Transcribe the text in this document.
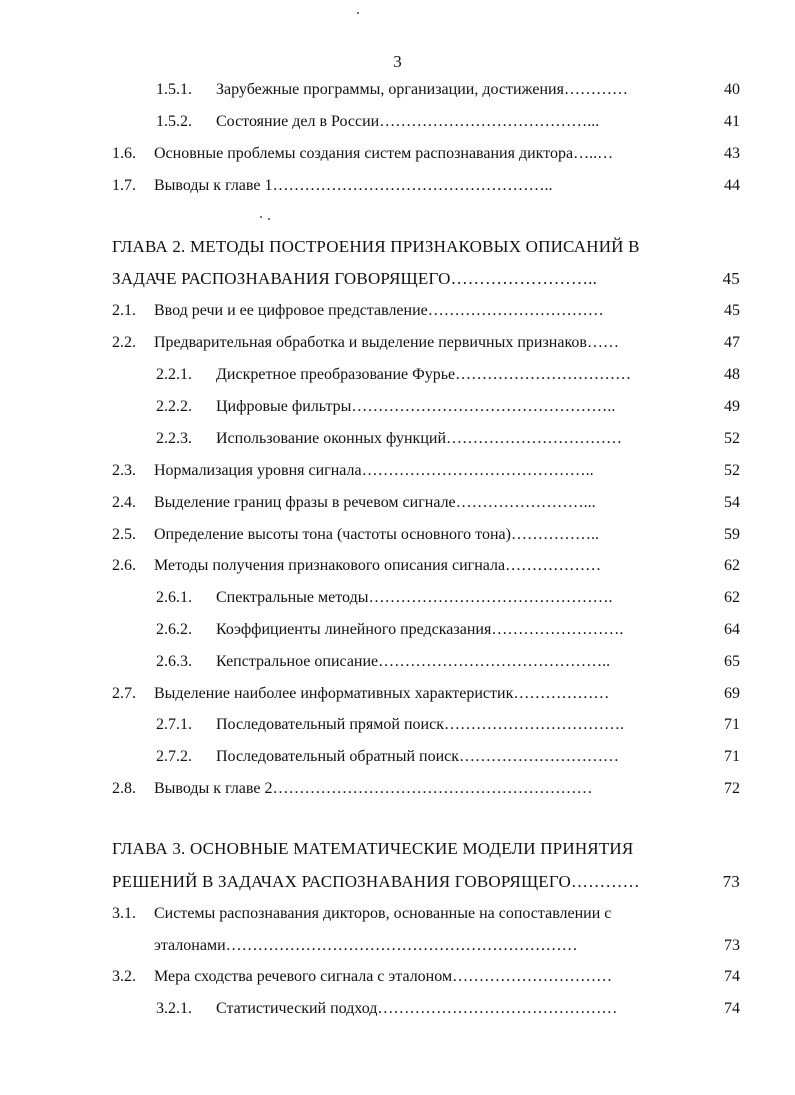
3
1.5.1. Зарубежные программы, организации, достижения…………	40
1.5.2. Состояние дел в России…………………………………...	41
1.6. Основные проблемы создания систем распознавания диктора…..…	43
1.7. Выводы к главе 1……………………………………………..	44
ГЛАВА 2. МЕТОДЫ ПОСТРОЕНИЯ ПРИЗНАКОВЫХ ОПИСАНИЙ В
ЗАДАЧЕ РАСПОЗНАВАНИЯ ГОВОРЯЩЕГО……………………..	45
2.1. Ввод речи и ее цифровое представление……………………………	45
2.2. Предварительная обработка и выделение первичных признаков……	47
2.2.1. Дискретное преобразование Фурье……………………………	48
2.2.2. Цифровые фильтры…………………………………………..	49
2.2.3. Использование оконных функций……………………………	52
2.3. Нормализация уровня сигнала……………………………………..	52
2.4. Выделение границ фразы в речевом сигнале……………………...	54
2.5. Определение высоты тона (частоты основного тона)……………..	59
2.6. Методы получения признакового описания сигнала………………	62
2.6.1. Спектральные методы……………………………………….	62
2.6.2. Коэффициенты линейного предсказания…………………….	64
2.6.3. Кепстральное описание……………………………………..	65
2.7. Выделение наиболее информативных характеристик………………	69
2.7.1. Последовательный прямой поиск…………………………….	71
2.7.2. Последовательный обратный поиск…………………………	71
2.8. Выводы к главе 2……………………………………………………	72
ГЛАВА 3. ОСНОВНЫЕ МАТЕМАТИЧЕСКИЕ МОДЕЛИ ПРИНЯТИЯ
РЕШЕНИЙ В ЗАДАЧАХ РАСПОЗНАВАНИЯ ГОВОРЯЩЕГО…………	73
3.1. Системы распознавания дикторов, основанные на сопоставлении с
эталонами…………………………………………………………	73
3.2. Мера сходства речевого сигнала с эталоном…………………………	74
3.2.1. Статистический подход………………………………………	74
